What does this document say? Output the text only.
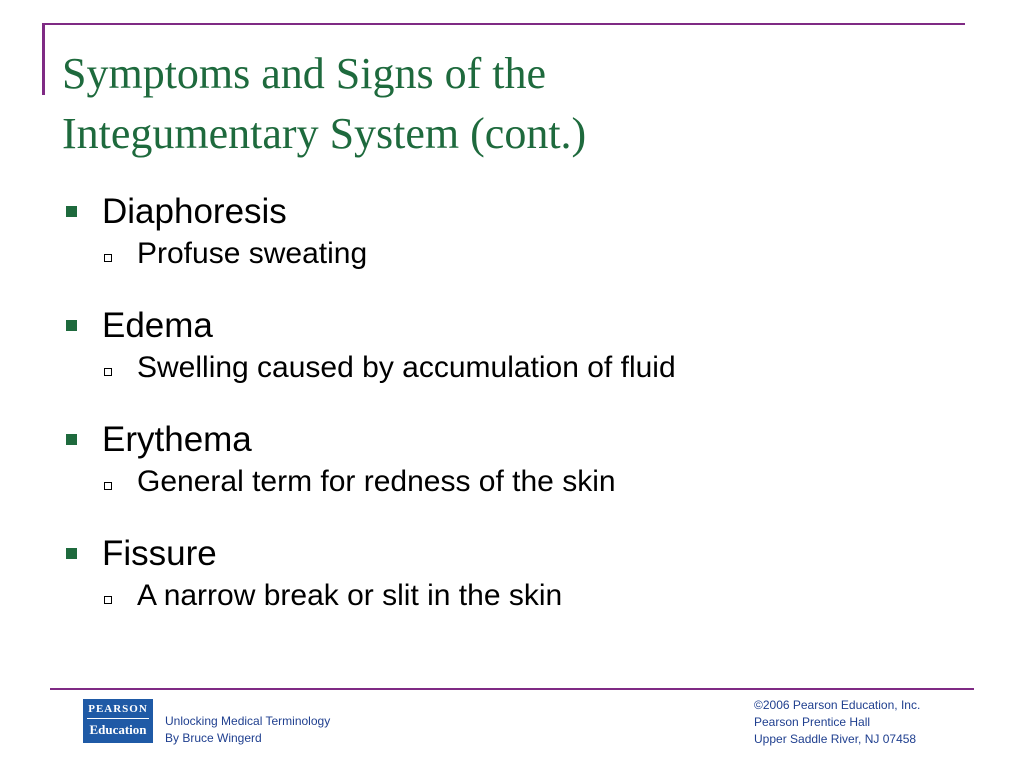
Symptoms and Signs of the
Integumentary System (cont.)
Diaphoresis
Profuse sweating
Edema
Swelling caused by accumulation of fluid
Erythema
General term for redness of the skin
Fissure
A narrow break or slit in the skin
PEARSON
Education
Unlocking Medical Terminology
By Bruce Wingerd
©2006 Pearson Education, Inc.
Pearson Prentice Hall
Upper Saddle River, NJ 07458
